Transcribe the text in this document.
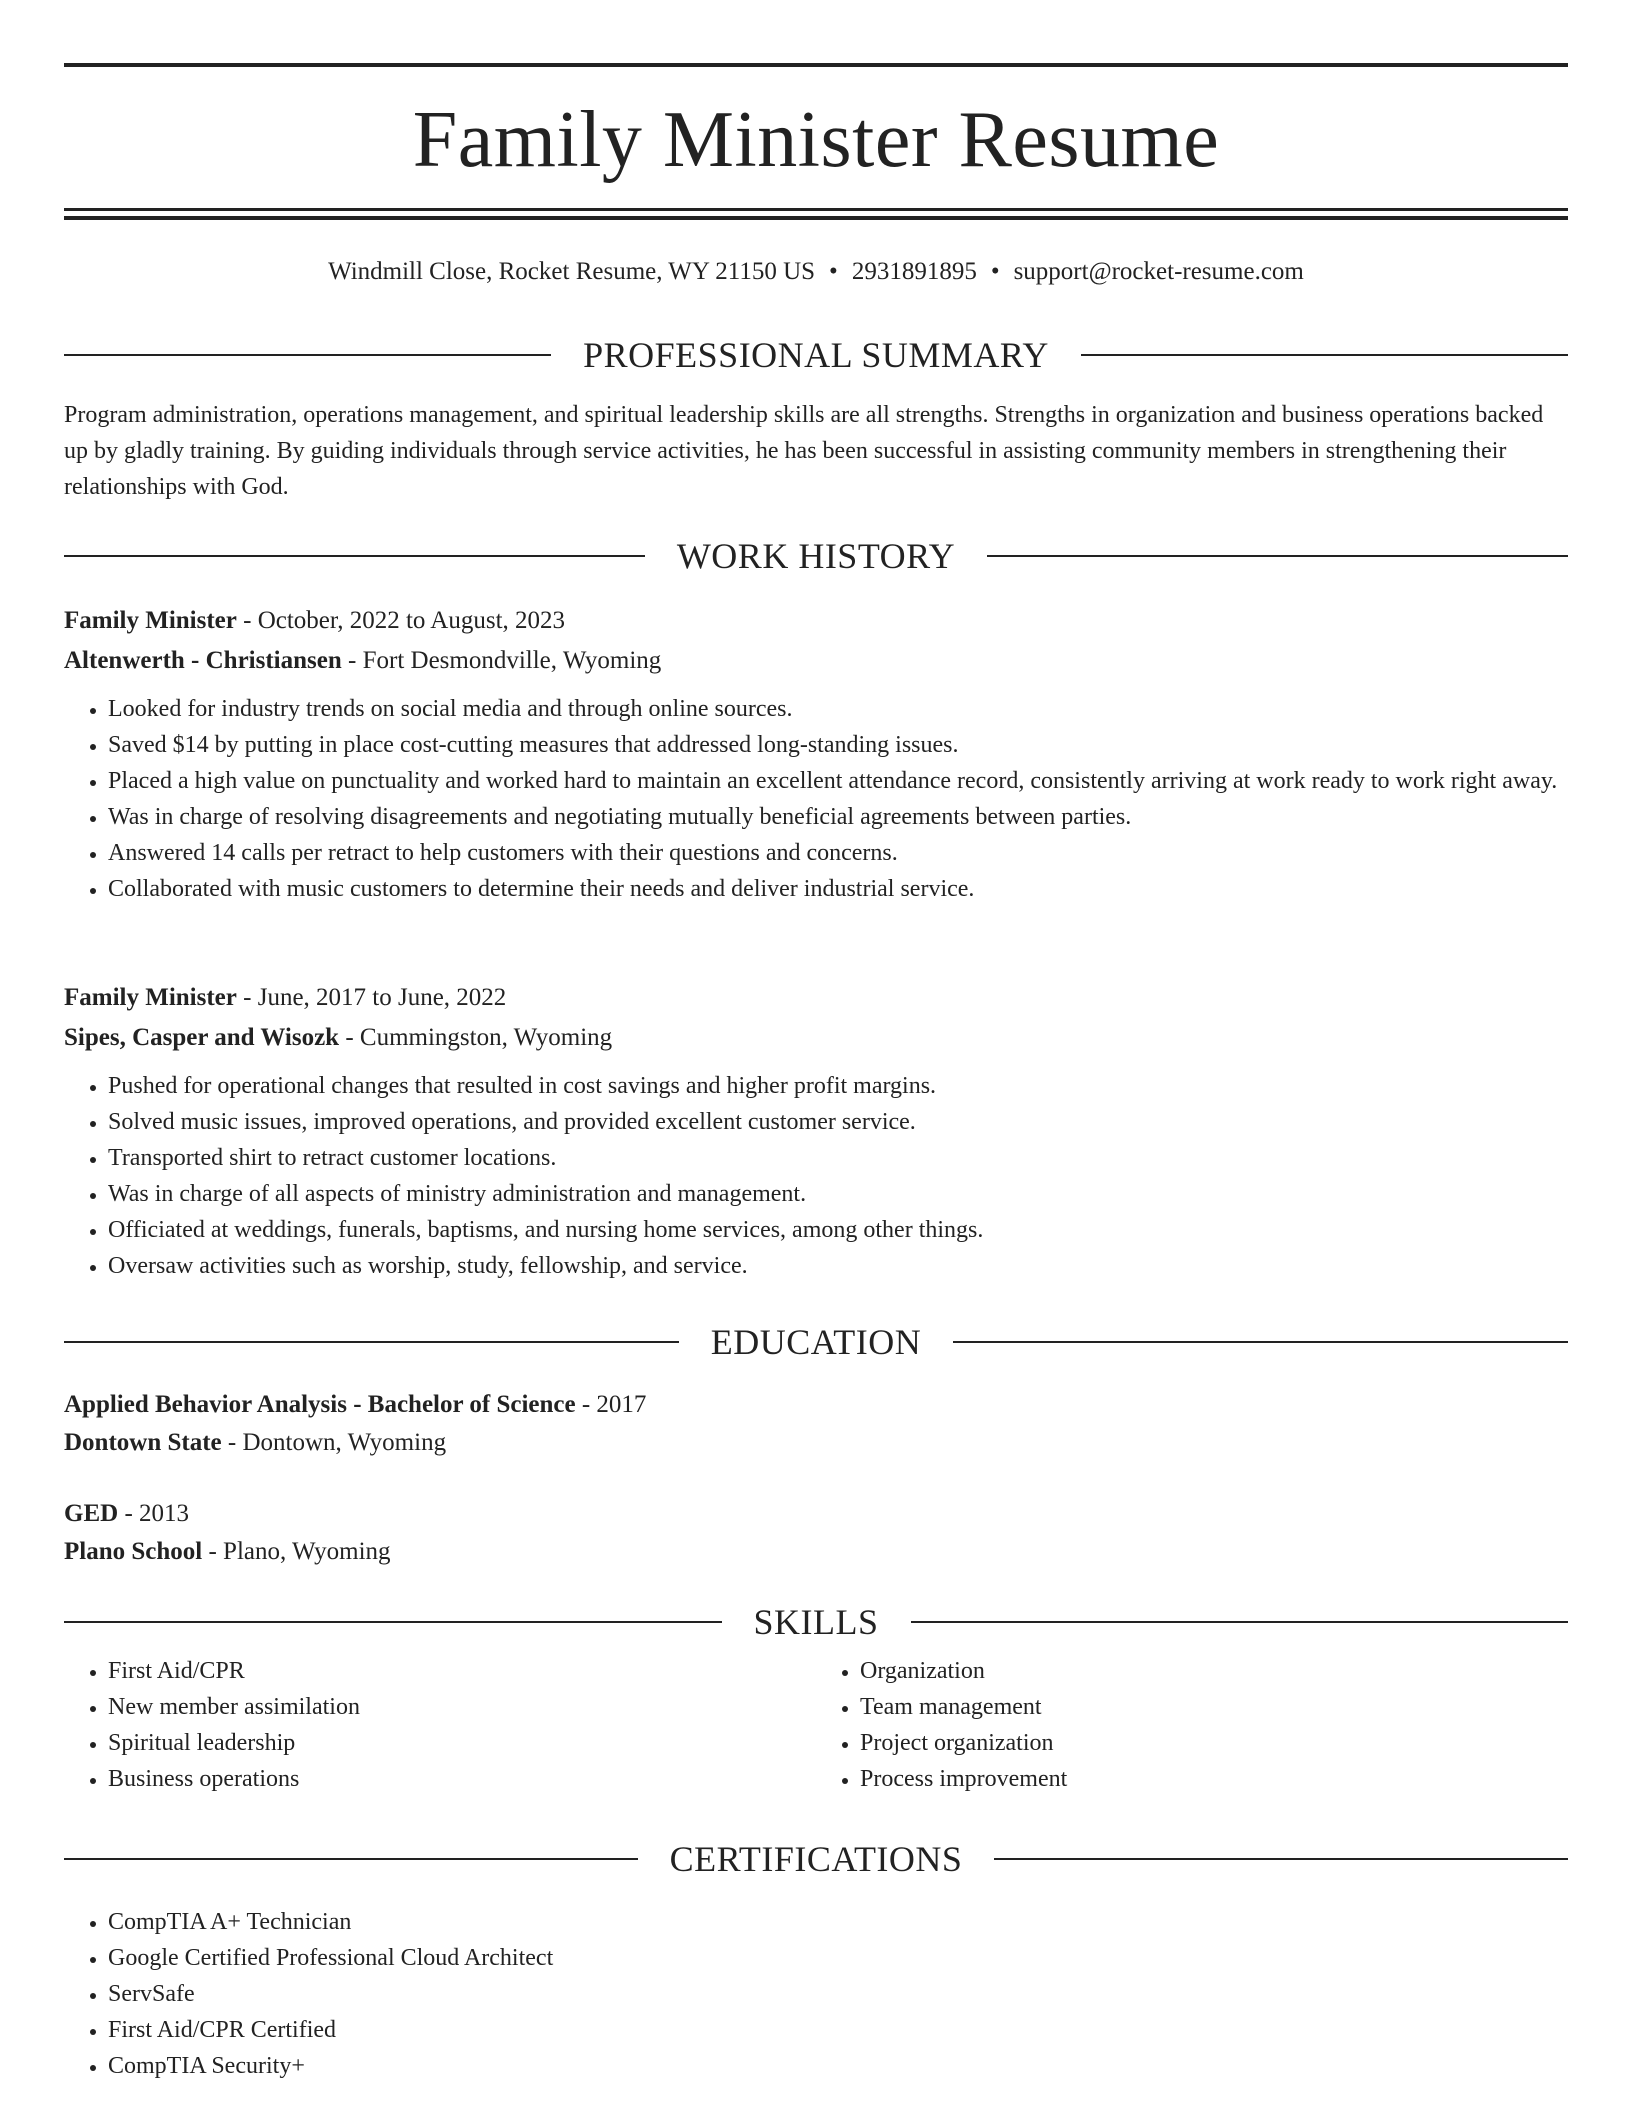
Family Minister Resume
Windmill Close, Rocket Resume, WY 21150 US • 2931891895 • support@rocket-resume.com
PROFESSIONAL SUMMARY
Program administration, operations management, and spiritual leadership skills are all strengths. Strengths in organization and business operations backed up by gladly training. By guiding individuals through service activities, he has been successful in assisting community members in strengthening their relationships with God.
WORK HISTORY
Family Minister - October, 2022 to August, 2023
Altenwerth - Christiansen - Fort Desmondville, Wyoming
• Looked for industry trends on social media and through online sources.
• Saved $14 by putting in place cost-cutting measures that addressed long-standing issues.
• Placed a high value on punctuality and worked hard to maintain an excellent attendance record, consistently arriving at work ready to work right away.
• Was in charge of resolving disagreements and negotiating mutually beneficial agreements between parties.
• Answered 14 calls per retract to help customers with their questions and concerns.
• Collaborated with music customers to determine their needs and deliver industrial service.
Family Minister - June, 2017 to June, 2022
Sipes, Casper and Wisozk - Cummingston, Wyoming
• Pushed for operational changes that resulted in cost savings and higher profit margins.
• Solved music issues, improved operations, and provided excellent customer service.
• Transported shirt to retract customer locations.
• Was in charge of all aspects of ministry administration and management.
• Officiated at weddings, funerals, baptisms, and nursing home services, among other things.
• Oversaw activities such as worship, study, fellowship, and service.
EDUCATION
Applied Behavior Analysis - Bachelor of Science - 2017
Dontown State - Dontown, Wyoming
GED - 2013
Plano School - Plano, Wyoming
SKILLS
• First Aid/CPR
• New member assimilation
• Spiritual leadership
• Business operations
• Organization
• Team management
• Project organization
• Process improvement
CERTIFICATIONS
• CompTIA A+ Technician
• Google Certified Professional Cloud Architect
• ServSafe
• First Aid/CPR Certified
• CompTIA Security+
